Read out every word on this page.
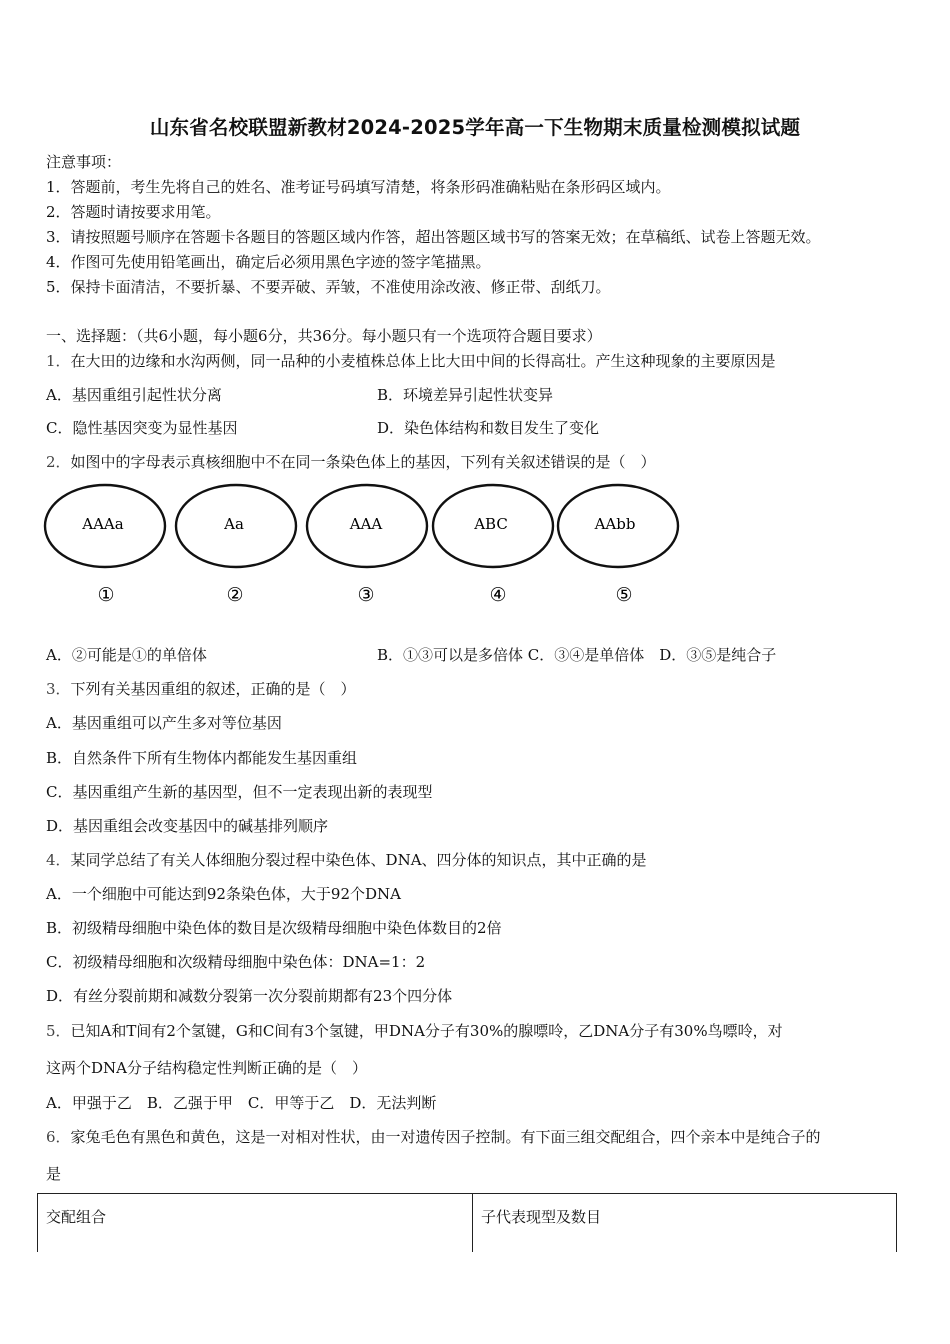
山东省名校联盟新教材2024-2025学年高一下生物期末质量检测模拟试题
注意事项：
1．答题前，考生先将自己的姓名、准考证号码填写清楚，将条形码准确粘贴在条形码区域内。
2．答题时请按要求用笔。
3．请按照题号顺序在答题卡各题目的答题区域内作答，超出答题区域书写的答案无效；在草稿纸、试卷上答题无效。
4．作图可先使用铅笔画出，确定后必须用黑色字迹的签字笔描黑。
5．保持卡面清洁，不要折暴、不要弄破、弄皱，不准使用涂改液、修正带、刮纸刀。
一、选择题：（共6小题，每小题6分，共36分。每小题只有一个选项符合题目要求）
1．在大田的边缘和水沟两侧，同一品种的小麦植株总体上比大田中间的长得高壮。产生这种现象的主要原因是
A．基因重组引起性状分离	B．环境差异引起性状变异
C．隐性基因突变为显性基因	D．染色体结构和数目发生了变化
2．如图中的字母表示真核细胞中不在同一条染色体上的基因，下列有关叙述错误的是（　）
AAAa
①
Aa
②
AAA
③
ABC
④
AAbb
⑤
A．②可能是①的单倍体	B．①③可以是多倍体 C．③④是单倍体　D．③⑤是纯合子
3．下列有关基因重组的叙述，正确的是（　）
A．基因重组可以产生多对等位基因
B．自然条件下所有生物体内都能发生基因重组
C．基因重组产生新的基因型，但不一定表现出新的表现型
D．基因重组会改变基因中的碱基排列顺序
4．某同学总结了有关人体细胞分裂过程中染色体、DNA、四分体的知识点，其中正确的是
A．一个细胞中可能达到92条染色体，大于92个DNA
B．初级精母细胞中染色体的数目是次级精母细胞中染色体数目的2倍
C．初级精母细胞和次级精母细胞中染色体：DNA=1：2
D．有丝分裂前期和减数分裂第一次分裂前期都有23个四分体
5．已知A和T间有2个氢键，G和C间有3个氢键，甲DNA分子有30%的腺嘌呤，乙DNA分子有30%鸟嘌呤，对
这两个DNA分子结构稳定性判断正确的是（　）
A．甲强于乙　B．乙强于甲　C．甲等于乙　D．无法判断
6．家兔毛色有黑色和黄色，这是一对相对性状，由一对遗传因子控制。有下面三组交配组合，四个亲本中是纯合子的
是
交配组合	子代表现型及数目
